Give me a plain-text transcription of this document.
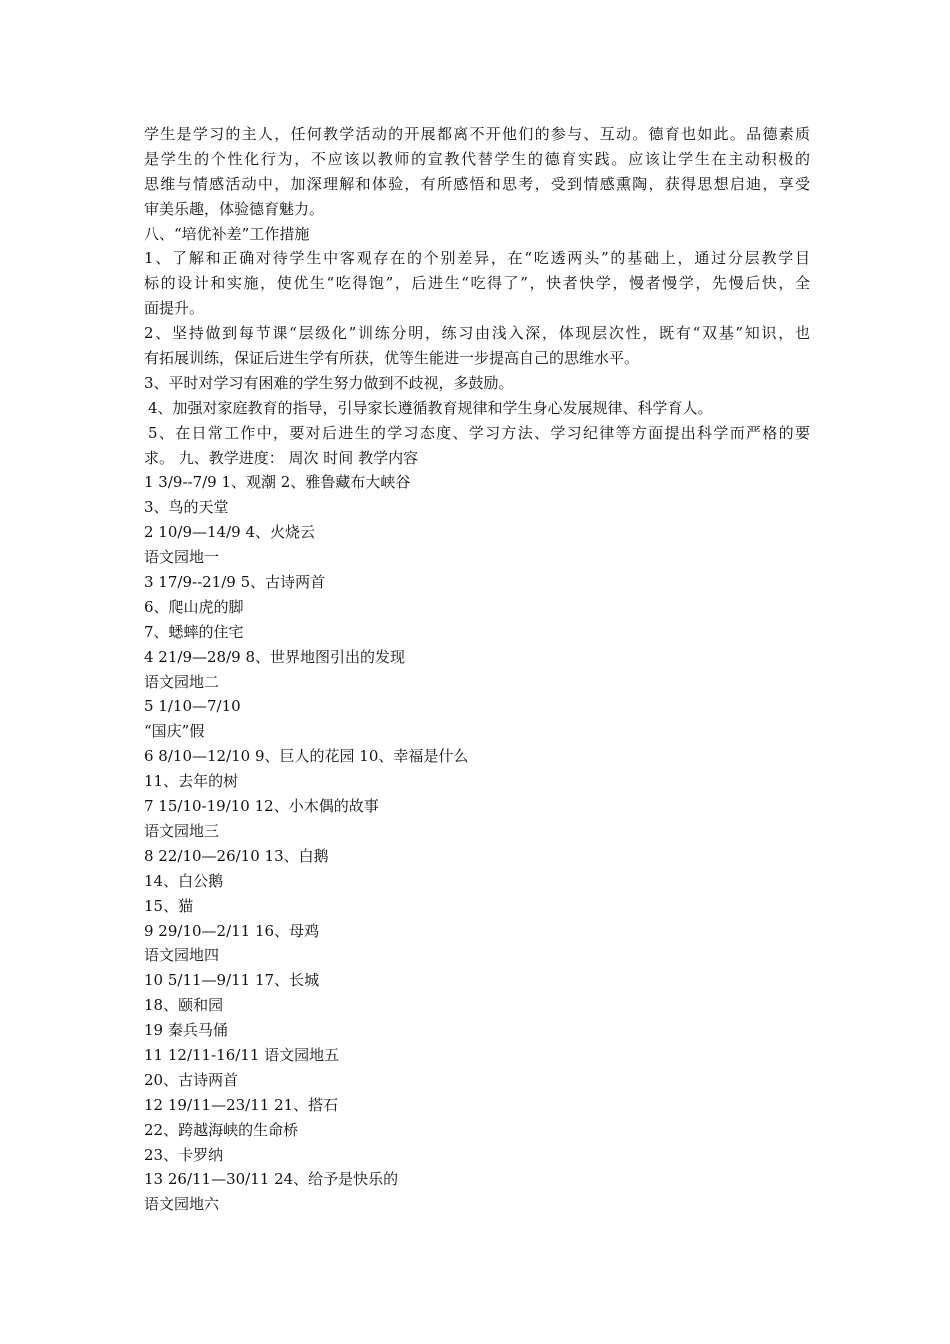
学生是学习的主人，任何教学活动的开展都离不开他们的参与、互动。德育也如此。品德素质
是学生的个性化行为，不应该以教师的宣教代替学生的德育实践。应该让学生在主动积极的
思维与情感活动中，加深理解和体验，有所感悟和思考，受到情感熏陶，获得思想启迪，享受
审美乐趣，体验德育魅力。
八、“培优补差”工作措施
1、了解和正确对待学生中客观存在的个别差异，在“吃透两头”的基础上，通过分层教学目
标的设计和实施，使优生“吃得饱”，后进生“吃得了”，快者快学，慢者慢学，先慢后快，全
面提升。
2、坚持做到每节课“层级化”训练分明，练习由浅入深，体现层次性，既有“双基”知识，也
有拓展训练，保证后进生学有所获，优等生能进一步提高自己的思维水平。
3、平时对学习有困难的学生努力做到不歧视，多鼓励。
4、加强对家庭教育的指导，引导家长遵循教育规律和学生身心发展规律、科学育人。
5、在日常工作中，要对后进生的学习态度、学习方法、学习纪律等方面提出科学而严格的要
求。 九、教学进度： 周次 时间 教学内容
1 3/9--7/9 1、观潮 2、雅鲁藏布大峡谷
3、鸟的天堂
2 10/9—14/9 4、火烧云
语文园地一
3 17/9--21/9 5、古诗两首
6、爬山虎的脚
7、蟋蟀的住宅
4 21/9—28/9 8、世界地图引出的发现
语文园地二
5 1/10—7/10
“国庆”假
6 8/10—12/10 9、巨人的花园 10、幸福是什么
11、去年的树
7 15/10-19/10 12、小木偶的故事
语文园地三
8 22/10—26/10 13、白鹅
14、白公鹅
15、猫
9 29/10—2/11 16、母鸡
语文园地四
10 5/11—9/11 17、长城
18、颐和园
19 秦兵马俑
11 12/11-16/11 语文园地五
20、古诗两首
12 19/11—23/11 21、搭石
22、跨越海峡的生命桥
23、卡罗纳
13 26/11—30/11 24、给予是快乐的
语文园地六
